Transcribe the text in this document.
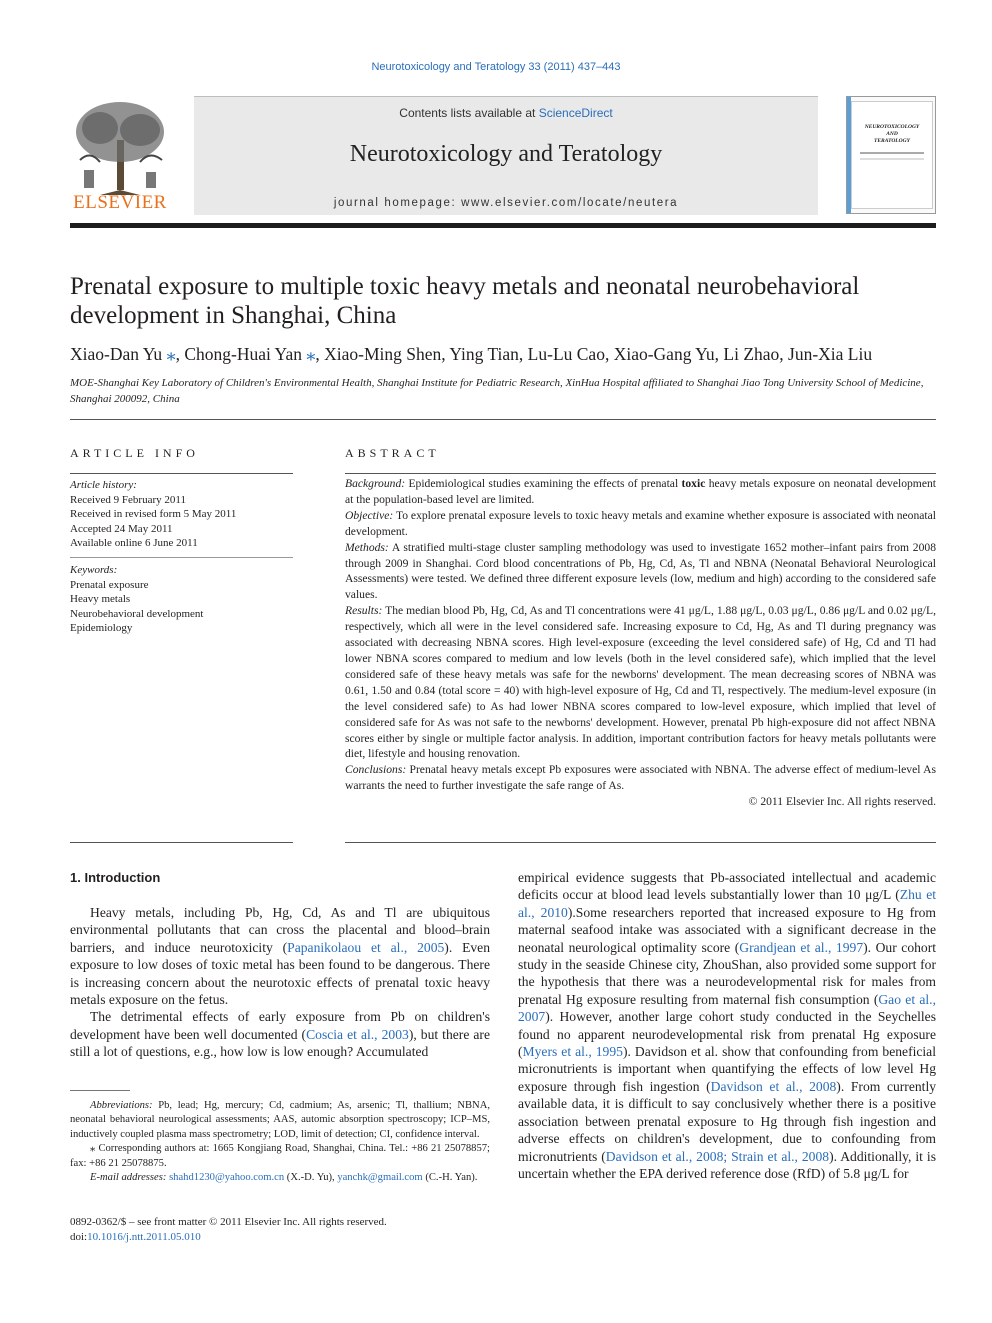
Neurotoxicology and Teratology 33 (2011) 437–443
ELSEVIER
Contents lists available at ScienceDirect
Neurotoxicology and Teratology
journal homepage: www.elsevier.com/locate/neutera
NEUROTOXICOLOGY
AND
TERATOLOGY
Prenatal exposure to multiple toxic heavy metals and neonatal neurobehavioral development in Shanghai, China
Xiao-Dan Yu ⁎, Chong-Huai Yan ⁎, Xiao-Ming Shen, Ying Tian, Lu-Lu Cao, Xiao-Gang Yu, Li Zhao, Jun-Xia Liu
MOE-Shanghai Key Laboratory of Children's Environmental Health, Shanghai Institute for Pediatric Research, XinHua Hospital affiliated to Shanghai Jiao Tong University School of Medicine, Shanghai 200092, China
ARTICLE INFO
Article history:
Received 9 February 2011
Received in revised form 5 May 2011
Accepted 24 May 2011
Available online 6 June 2011
Keywords:
Prenatal exposure
Heavy metals
Neurobehavioral development
Epidemiology
ABSTRACT

Background: Epidemiological studies examining the effects of prenatal toxic heavy metals exposure on neonatal development at the population-based level are limited.

Objective: To explore prenatal exposure levels to toxic heavy metals and examine whether exposure is associated with neonatal development.

Methods: A stratified multi-stage cluster sampling methodology was used to investigate 1652 mother–infant pairs from 2008 through 2009 in Shanghai. Cord blood concentrations of Pb, Hg, Cd, As, Tl and NBNA (Neonatal Behavioral Neurological Assessments) were tested. We defined three different exposure levels (low, medium and high) according to the considered safe values.

Results: The median blood Pb, Hg, Cd, As and Tl concentrations were 41 μg/L, 1.88 μg/L, 0.03 μg/L, 0.86 μg/L and 0.02 μg/L, respectively, which all were in the level considered safe. Increasing exposure to Cd, Hg, As and Tl during pregnancy was associated with decreasing NBNA scores. High level-exposure (exceeding the level considered safe) of Hg, Cd and Tl had lower NBNA scores compared to medium and low levels (both in the level considered safe), which implied that the level considered safe of these heavy metals was safe for the newborns' development. The mean decreasing scores of NBNA was 0.61, 1.50 and 0.84 (total score = 40) with high-level exposure of Hg, Cd and Tl, respectively. The medium-level exposure (in the level considered safe) to As had lower NBNA scores compared to low-level exposure, which implied that level of considered safe for As was not safe to the newborns' development. However, prenatal Pb high-exposure did not affect NBNA scores either by single or multiple factor analysis. In addition, important contribution factors for heavy metals pollutants were diet, lifestyle and housing renovation.

Conclusions: Prenatal heavy metals except Pb exposures were associated with NBNA. The adverse effect of medium-level As warrants the need to further investigate the safe range of As.

© 2011 Elsevier Inc. All rights reserved.

1. Introduction

Heavy metals, including Pb, Hg, Cd, As and Tl are ubiquitous environmental pollutants that can cross the placental and blood–brain barriers, and induce neurotoxicity (Papanikolaou et al., 2005). Even exposure to low doses of toxic metal has been found to be dangerous. There is increasing concern about the neurotoxic effects of prenatal toxic heavy metals exposure on the fetus.

The detrimental effects of early exposure from Pb on children's development have been well documented (Coscia et al., 2003), but there are still a lot of questions, e.g., how low is low enough? Accumulated

Abbreviations: Pb, lead; Hg, mercury; Cd, cadmium; As, arsenic; Tl, thallium; NBNA, neonatal behavioral neurological assessments; AAS, automic absorption spectroscopy; ICP–MS, inductively coupled plasma mass spectrometry; LOD, limit of detection; CI, confidence interval.

⁎ Corresponding authors at: 1665 Kongjiang Road, Shanghai, China. Tel.: +86 21 25078857; fax: +86 21 25078875.

E-mail addresses: shahd1230@yahoo.com.cn (X.-D. Yu), yanchk@gmail.com (C.-H. Yan).

empirical evidence suggests that Pb-associated intellectual and academic deficits occur at blood lead levels substantially lower than 10 μg/L (Zhu et al., 2010).Some researchers reported that increased exposure to Hg from maternal seafood intake was associated with a significant decrease in the neonatal neurological optimality score (Grandjean et al., 1997). Our cohort study in the seaside Chinese city, ZhouShan, also provided some support for the hypothesis that there was a neurodevelopmental risk for males from prenatal Hg exposure resulting from maternal fish consumption (Gao et al., 2007). However, another large cohort study conducted in the Seychelles found no apparent neurodevelopmental risk from prenatal Hg exposure (Myers et al., 1995). Davidson et al. show that confounding from beneficial micronutrients is important when quantifying the effects of low level Hg exposure through fish ingestion (Davidson et al., 2008). From currently available data, it is difficult to say conclusively whether there is a positive association between prenatal exposure to Hg through fish ingestion and adverse effects on children's development, due to confounding from micronutrients (Davidson et al., 2008; Strain et al., 2008). Additionally, it is uncertain whether the EPA derived reference dose (RfD) of 5.8 μg/L for
0892-0362/$ – see front matter © 2011 Elsevier Inc. All rights reserved.
doi:10.1016/j.ntt.2011.05.010
